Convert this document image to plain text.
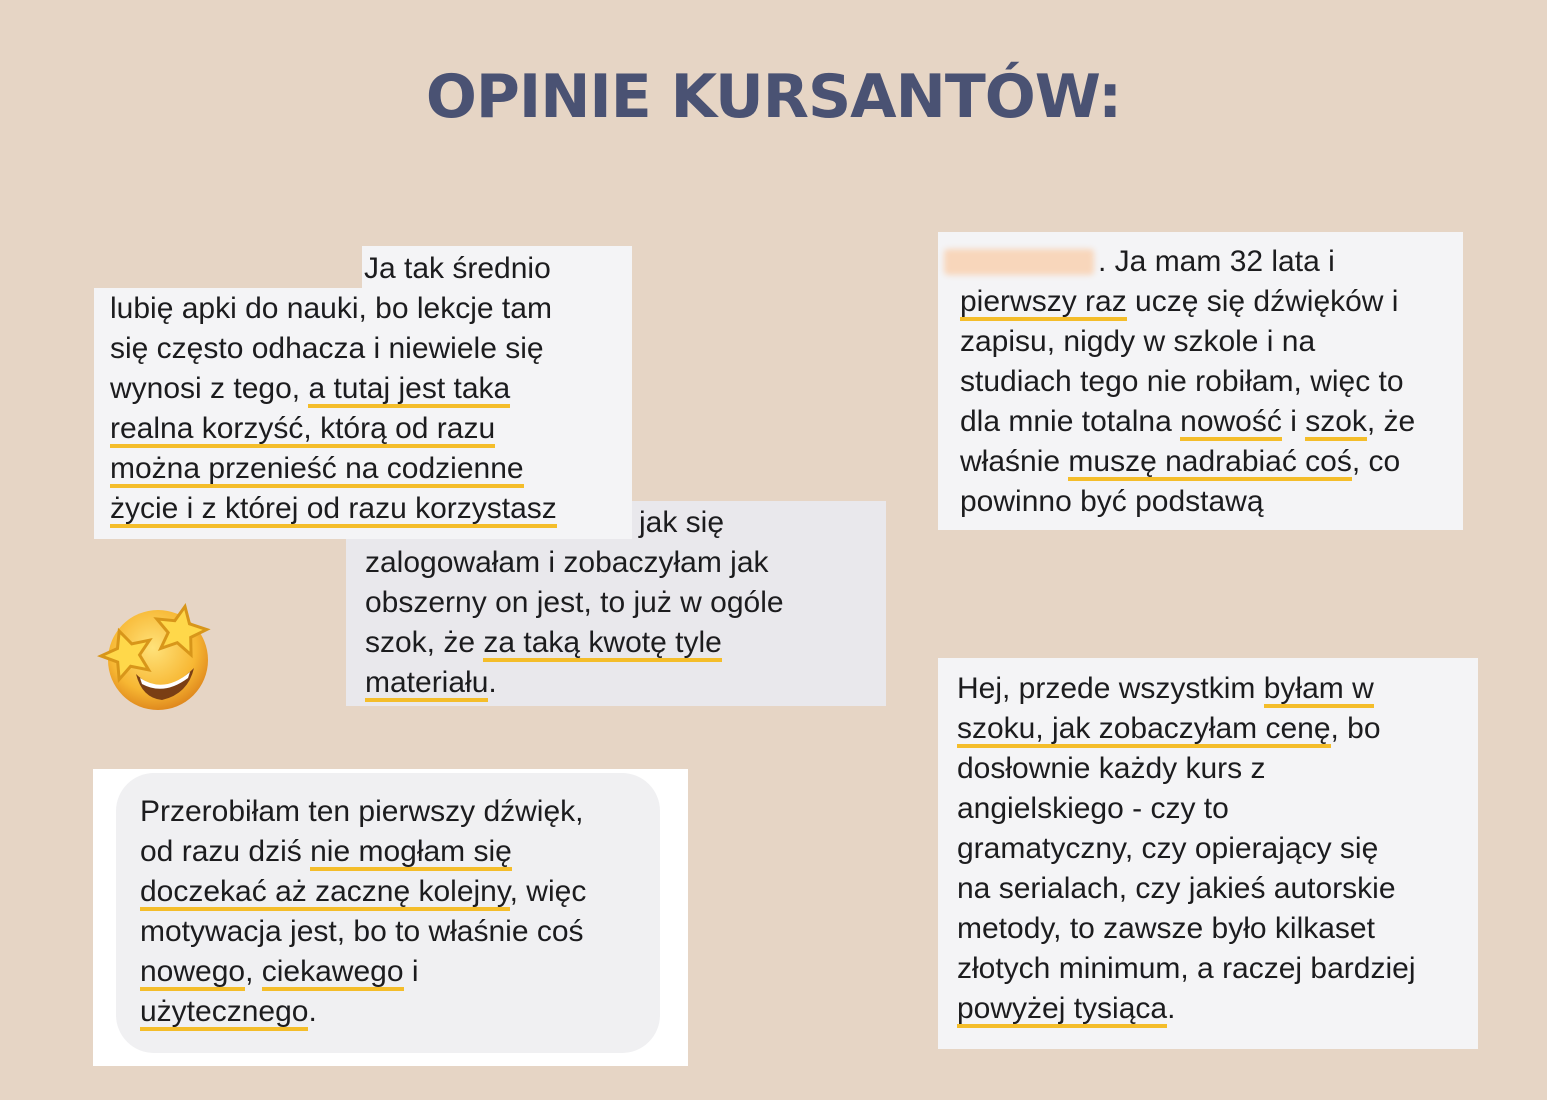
OPINIE KURSANTÓW:
Ja tak średnio
lubię apki do nauki, bo lekcje tam
się często odhacza i niewiele się
wynosi z tego, a tutaj jest taka
realna korzyść, którą od razu
można przenieść na codzienne
życie i z której od razu korzystasz	jak się
zalogowałam i zobaczyłam jak
obszerny on jest, to już w ogóle
szok, że za taką kwotę tyle
materiału.
Przerobiłam ten pierwszy dźwięk,
od razu dziś nie mogłam się
doczekać aż zacznę kolejny, więc
motywacja jest, bo to właśnie coś
nowego, ciekawego i
użytecznego.
. Ja mam 32 lata i
pierwszy raz uczę się dźwięków i
zapisu, nigdy w szkole i na
studiach tego nie robiłam, więc to
dla mnie totalna nowość i szok, że
właśnie muszę nadrabiać coś, co
powinno być podstawą
Hej, przede wszystkim byłam w
szoku, jak zobaczyłam cenę, bo
dosłownie każdy kurs z
angielskiego - czy to
gramatyczny, czy opierający się
na serialach, czy jakieś autorskie
metody, to zawsze było kilkaset
złotych minimum, a raczej bardziej
powyżej tysiąca.
